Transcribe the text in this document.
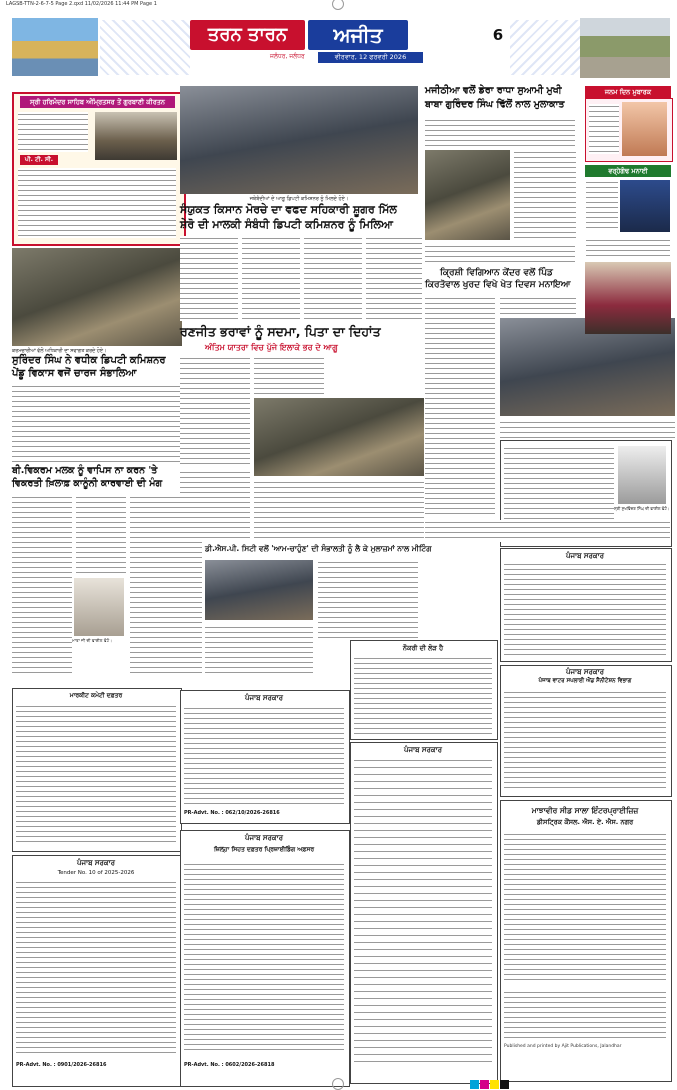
LAGSB-TTN-2-6-7-5 Page 2.qxd 11/02/2026 11:44 PM Page 1
ਤਰਨ ਤਾਰਨ	ਅਜੀਤ
ਜਲੰਧਰ, ਜਲੰਧਰ	ਵੀਰਵਾਰ, 12 ਫਰਵਰੀ 2026
6
ਸ੍ਰੀ ਹਰਿਮੰਦਰ ਸਾਹਿਬ ਅੰਮ੍ਰਿਤਸਰ ਤੋਂ ਗੁਰਬਾਣੀ ਕੀਰਤਨ
ਪੀ. ਟੀ. ਸੀ.
ਕਰਮਚਾਰੀਆਂ ਵੱਲੋਂ ਅਧਿਕਾਰੀ ਦਾ ਸਵਾਗਤ ਕਰਦੇ ਹੋਏ।
ਸੁਰਿੰਦਰ ਸਿੰਘ ਨੇ ਵਧੀਕ ਡਿਪਟੀ ਕਮਿਸ਼ਨਰ
ਪੇਂਡੂ ਵਿਕਾਸ ਵਜੋਂ ਚਾਰਜ ਸੰਭਾਲਿਆ
ਬੀ.ਵਿਕਰਮ ਮਲਕ ਨੂੰ ਵਾਪਿਸ ਨਾ ਕਰਨ 'ਤੇ
ਵਿਕਰਤੀ ਖ਼ਿਲਾਫ਼ ਕਾਨੂੰਨੀ ਕਾਰਵਾਈ ਦੀ ਮੰਗ
ਮਾਤਾ ਜੀ ਦੀ ਫਾਈਲ ਫੋਟੋ।
ਮਾਰਕੀਟ ਕਮੇਟੀ ਦਫ਼ਤਰ
ਪੰਜਾਬ ਸਰਕਾਰ
Tender No. 10 of 2025-2026
PR-Advt. No. : 0901/2026-26816
ਜਥੇਬੰਦੀਆਂ ਦੇ ਆਗੂ ਡਿਪਟੀ ਕਮਿਸ਼ਨਰ ਨੂੰ ਮਿਲਦੇ ਹੋਏ।
ਸੰਯੁਕਤ ਕਿਸਾਨ ਮੋਰਚੇ ਦਾ ਵਫਦ ਸਹਿਕਾਰੀ ਸ਼ੂਗਰ ਮਿੱਲ
ਸ਼ੇਰੋ ਦੀ ਮਾਲਕੀ ਸੰਬੰਧੀ ਡਿਪਟੀ ਕਮਿਸ਼ਨਰ ਨੂੰ ਮਿਲਿਆ
ਰਣਜੀਤ ਭਰਾਵਾਂ ਨੂੰ ਸਦਮਾ, ਪਿਤਾ ਦਾ ਦਿਹਾਂਤ
ਅੰਤਿਮ ਯਾਤਰਾ ਵਿਚ ਪੁੱਜੇ ਇਲਾਕੇ ਭਰ ਦੇ ਆਗੂ
ਡੀ.ਐਸ.ਪੀ. ਸਿਟੀ ਵਲੋਂ 'ਆਮ-ਚਾਹੁੰਣ' ਦੀ ਸੰਭਾਲਤੀ ਨੂੰ ਲੈ ਕੇ ਮੁਲਾਜ਼ਮਾਂ ਨਾਲ ਮੀਟਿੰਗ
ਪੰਜਾਬ ਸਰਕਾਰ
PR-Advt. No. : 062/10/2026-26816
ਪੰਜਾਬ ਸਰਕਾਰ
ਜ਼ਿਲ੍ਹਾ ਸਿਹਤ ਦਫ਼ਤਰ ਪ੍ਰਿਜ਼ਾਈਡਿੰਗ ਅਫ਼ਸਰ
PR-Advt. No. : 0602/2026-26818
ਮਜੀਠੀਆ ਵਲੋਂ ਡੇਰਾ ਰਾਧਾ ਸੁਆਮੀ ਮੁਖੀ
ਬਾਬਾ ਗੁਰਿੰਦਰ ਸਿੰਘ ਢਿੱਲੋਂ ਨਾਲ ਮੁਲਾਕਾਤ
ਕ੍ਰਿਸ਼ੀ ਵਿਗਿਆਨ ਕੇਂਦਰ ਵਲੋਂ ਪਿੰਡ
ਕਿਰਤੋਵਾਲ ਖੁਰਦ ਵਿਖੇ ਖੇਤ ਦਿਵਸ ਮਨਾਇਆ
ਸ਼੍ਰੀ ਸੁਖਵਿੰਦਰ ਸਿੰਘ ਦੀ ਫਾਈਲ ਫੋਟੋ।
ਪੰਜਾਬ ਸਰਕਾਰ
ਪੰਜਾਬ ਸਰਕਾਰ
ਪੰਜਾਬ ਵਾਟਰ ਸਪਲਾਈ ਐਂਡ ਸੈਨੀਟੇਸ਼ਨ ਵਿਭਾਗ
ਮਾਝਾਵੀਰ ਸੀਡ ਸਾਲਾ ਇੰਟਰਪ੍ਰਾਈਜ਼ਿਜ਼
ਡੀਸਟ੍ਰਿਕ ਕੌਂਸਲ. ਐਸ. ਏ. ਐਸ. ਨਗਰ
Published and printed by Ajit Publications, Jalandhar
ਨੌਕਰੀ ਦੀ ਲੋੜ ਹੈ
ਪੰਜਾਬ ਸਰਕਾਰ
ਜਨਮ ਦਿਨ ਮੁਬਾਰਕ
ਵਰ੍ਹੇਗੰਢ ਮਨਾਈ
